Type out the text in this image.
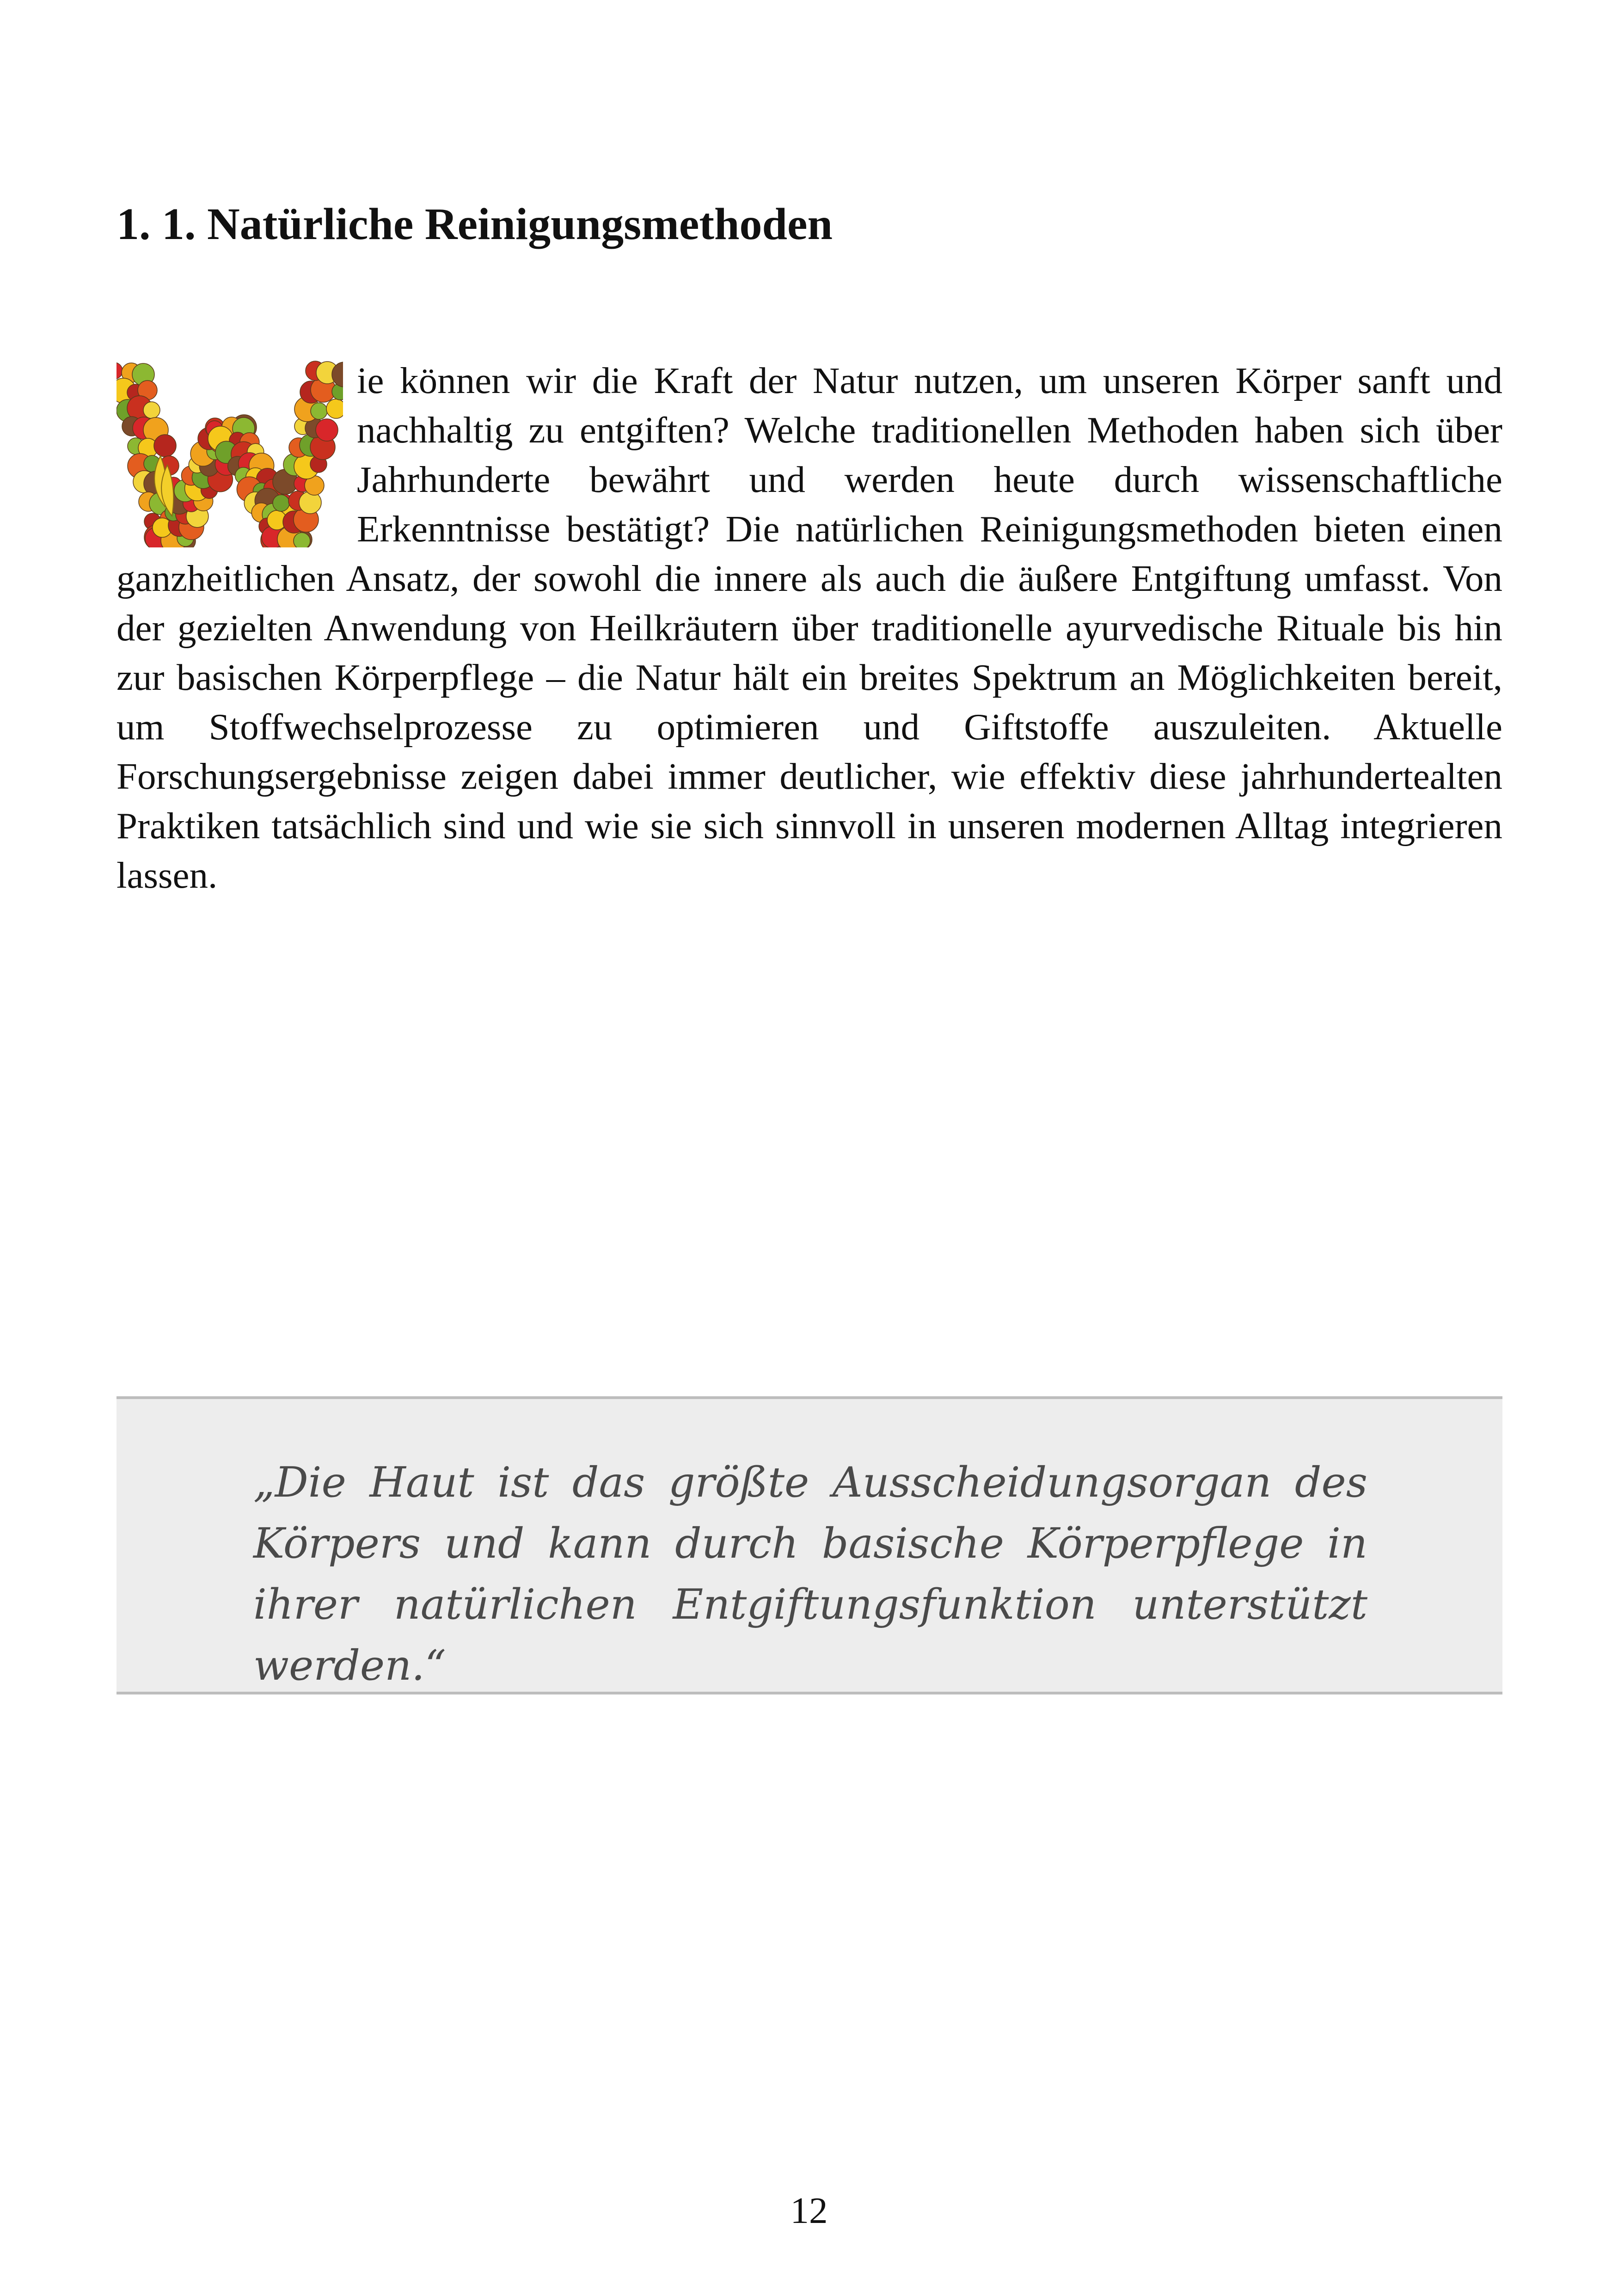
1. 1. Natürliche Reinigungsmethoden

ie können wir die Kraft der Natur nutzen, um unseren Körper sanft und nachhaltig zu entgiften? Welche traditionellen Methoden haben sich über Jahrhunderte bewährt und werden heute durch wissenschaftliche Erkenntnisse bestätigt? Die natürlichen Reinigungsmethoden bieten einen ganzheitlichen Ansatz, der sowohl die innere als auch die äußere Entgiftung umfasst. Von der gezielten Anwendung von Heilkräutern über traditionelle ayurvedische Rituale bis hin zur basischen Körperpflege – die Natur hält ein breites Spektrum an Möglichkeiten bereit, um Stoffwechselprozesse zu optimieren und Giftstoffe auszuleiten. Aktuelle Forschungsergebnisse zeigen dabei immer deutlicher, wie effektiv diese jahrhundertealten Praktiken tatsächlich sind und wie sie sich sinnvoll in unseren modernen Alltag integrieren lassen.

„Die Haut ist das größte Ausscheidungsorgan des Körpers und kann durch basische Körperpflege in ihrer natürlichen Entgiftungsfunktion unterstützt werden.“

12
